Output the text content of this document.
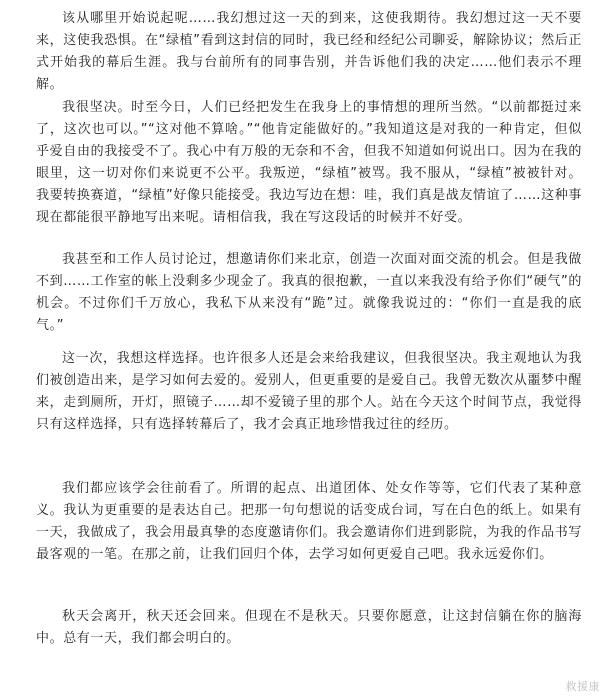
该从哪里开始说起呢……我幻想过这一天的到来，这使我期待。我幻想过这一天不要来，这使我恐惧。在“绿植”看到这封信的同时，我已经和经纪公司聊妥，解除协议；然后正式开始我的幕后生涯。我与台前所有的同事告别，并告诉他们我的决定……他们表示不理解。

我很坚决。时至今日，人们已经把发生在我身上的事情想的理所当然。“以前都挺过来了，这次也可以。”“这对他不算啥。”“他肯定能做好的。”我知道这是对我的一种肯定，但似乎爱自由的我接受不了。我心中有万般的无奈和不舍，但我不知道如何说出口。因为在我的眼里，这一切对你们来说更不公平。我叛逆，“绿植”被骂。我不服从，“绿植”被被针对。我要转换赛道，“绿植”好像只能接受。我边写边在想：哇，我们真是战友情谊了……这种事现在都能很平静地写出来呢。请相信我，我在写这段话的时候并不好受。

我甚至和工作人员讨论过，想邀请你们来北京，创造一次面对面交流的机会。但是我做不到……工作室的帐上没剩多少现金了。我真的很抱歉，一直以来我没有给予你们“硬气”的机会。不过你们千万放心，我私下从来没有“跪”过。就像我说过的：“你们一直是我的底气。”

这一次，我想这样选择。也许很多人还是会来给我建议，但我很坚决。我主观地认为我们被创造出来，是学习如何去爱的。爱别人，但更重要的是爱自己。我曾无数次从噩梦中醒来，走到厕所，开灯，照镜子……却不爱镜子里的那个人。站在今天这个时间节点，我觉得只有这样选择，只有选择转幕后了，我才会真正地珍惜我过往的经历。

我们都应该学会往前看了。所谓的起点、出道团体、处女作等等，它们代表了某种意义。我认为更重要的是表达自己。把那一句句想说的话变成台词，写在白色的纸上。如果有一天，我做成了，我会用最真挚的态度邀请你们。我会邀请你们进到影院，为我的作品书写最客观的一笔。在那之前，让我们回归个体，去学习如何更爱自己吧。我永远爱你们。

秋天会离开，秋天还会回来。但现在不是秋天。只要你愿意，让这封信躺在你的脑海中。总有一天，我们都会明白的。

救援康
